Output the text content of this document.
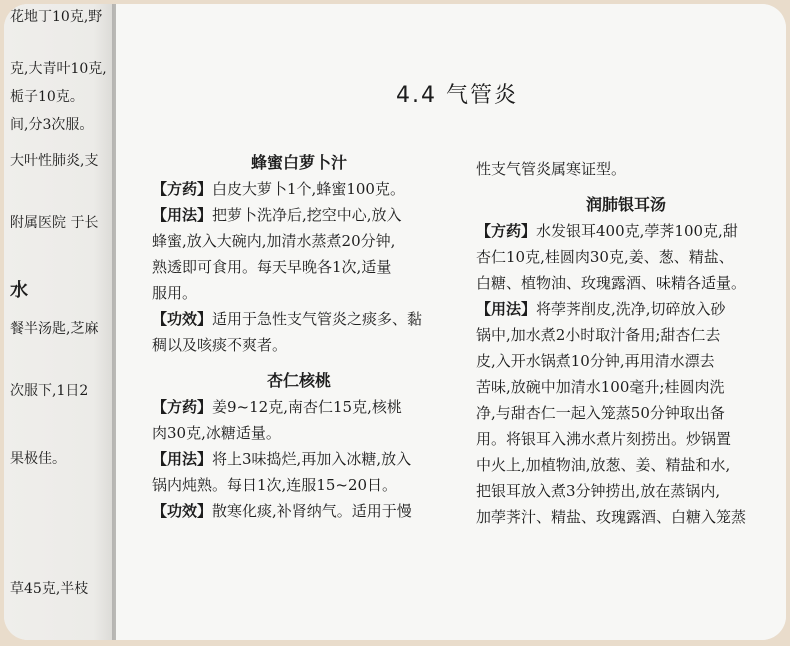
花地丁10克,野
克,大青叶10克,
栀子10克。
间,分3次服。
大叶性肺炎,支
附属医院 于长
水
餐半汤匙,芝麻
次服下,1日2
果极佳。
草45克,半枝
4.4 气管炎

蜂蜜白萝卜汁

【方药】白皮大萝卜1个,蜂蜜100克。

【用法】把萝卜洗净后,挖空中心,放入

蜂蜜,放入大碗内,加清水蒸煮20分钟,

熟透即可食用。每天早晚各1次,适量

服用。

【功效】适用于急性支气管炎之痰多、黏

稠以及咳痰不爽者。

杏仁核桃

【方药】姜9~12克,南杏仁15克,核桃

肉30克,冰糖适量。

【用法】将上3味捣烂,再加入冰糖,放入

锅内炖熟。每日1次,连服15~20日。

【功效】散寒化痰,补肾纳气。适用于慢

性支气管炎属寒证型。

润肺银耳汤

【方药】水发银耳400克,荸荠100克,甜

杏仁10克,桂圆肉30克,姜、葱、精盐、

白糖、植物油、玫瑰露酒、味精各适量。

【用法】将荸荠削皮,洗净,切碎放入砂

锅中,加水煮2小时取汁备用;甜杏仁去

皮,入开水锅煮10分钟,再用清水漂去

苦味,放碗中加清水100毫升;桂圆肉洗

净,与甜杏仁一起入笼蒸50分钟取出备

用。将银耳入沸水煮片刻捞出。炒锅置

中火上,加植物油,放葱、姜、精盐和水,

把银耳放入煮3分钟捞出,放在蒸锅内,

加荸荠汁、精盐、玫瑰露酒、白糖入笼蒸
